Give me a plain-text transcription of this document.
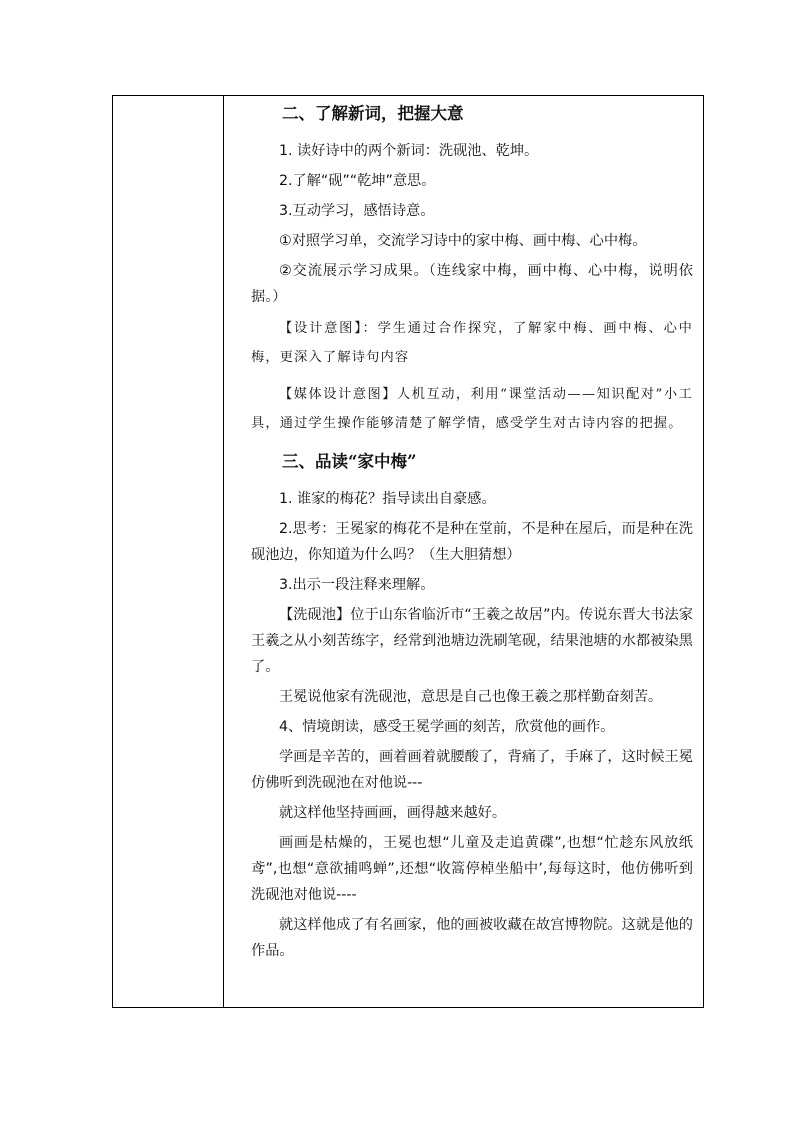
二、了解新词，把握大意
1. 读好诗中的两个新词：洗砚池、乾坤。
2.了解“砚”“乾坤”意思。
3.互动学习，感悟诗意。
①对照学习单，交流学习诗中的家中梅、画中梅、心中梅。
②交流展示学习成果。（连线家中梅，画中梅、心中梅，说明依据。）
【设计意图】：学生通过合作探究，了解家中梅、画中梅、心中梅，更深入了解诗句内容
【媒体设计意图】人机互动，利用“课堂活动——知识配对”小工具，通过学生操作能够清楚了解学情，感受学生对古诗内容的把握。
三、品读“家中梅”
1. 谁家的梅花？指导读出自豪感。
2.思考：王冕家的梅花不是种在堂前，不是种在屋后，而是种在洗砚池边，你知道为什么吗？（生大胆猜想）
3.出示一段注释来理解。
【洗砚池】位于山东省临沂市“王羲之故居”内。传说东晋大书法家王羲之从小刻苦练字，经常到池塘边洗刷笔砚，结果池塘的水都被染黑了。
王冕说他家有洗砚池，意思是自己也像王羲之那样勤奋刻苦。
4、情境朗读，感受王冕学画的刻苦，欣赏他的画作。
学画是辛苦的，画着画着就腰酸了，背痛了，手麻了，这时候王冕仿佛听到洗砚池在对他说---
就这样他坚持画画，画得越来越好。
画画是枯燥的，王冕也想“儿童及走追黄碟”,也想“忙趁东风放纸鸢”,也想“意欲捕鸣蝉”,还想“收篙停棹坐船中’,每每这时，他仿佛听到洗砚池对他说----
就这样他成了有名画家，他的画被收藏在故宫博物院。这就是他的作品。
